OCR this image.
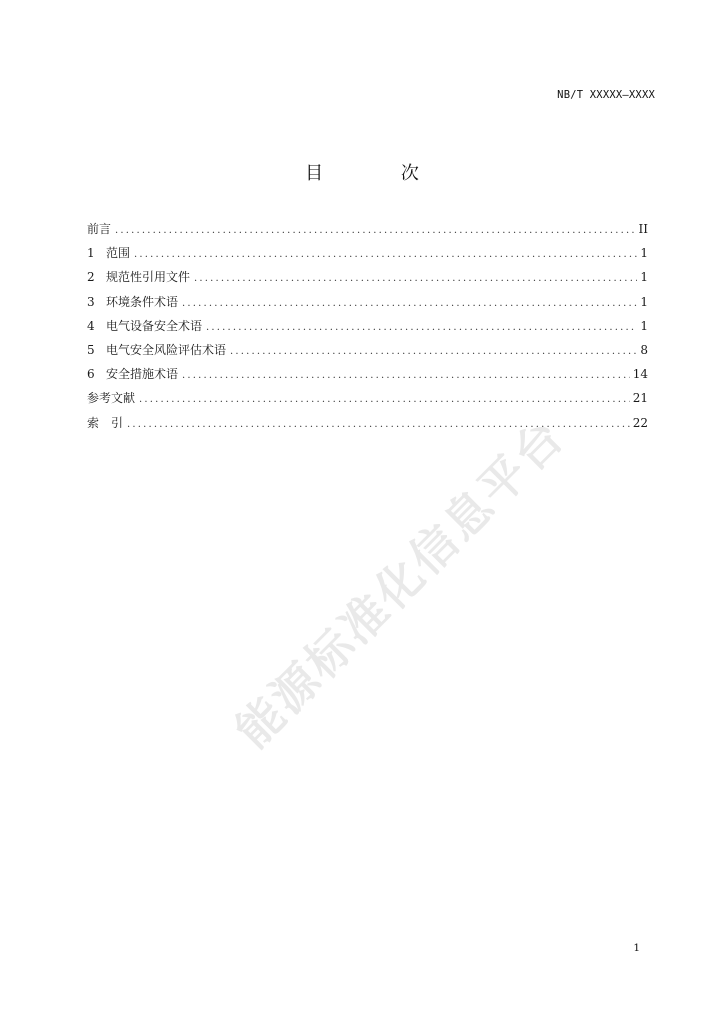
NB/T XXXXX—XXXX
目 次
前言 .....	II
1 范围 .....	1
2 规范性引用文件 .....	1
3 环境条件术语 .....	1
4 电气设备安全术语 .....	1
5 电气安全风险评估术语 .....	8
6 安全措施术语 .....	14
参考文献 .....	21
索　引 .....	22
能源标准化信息平台
1
